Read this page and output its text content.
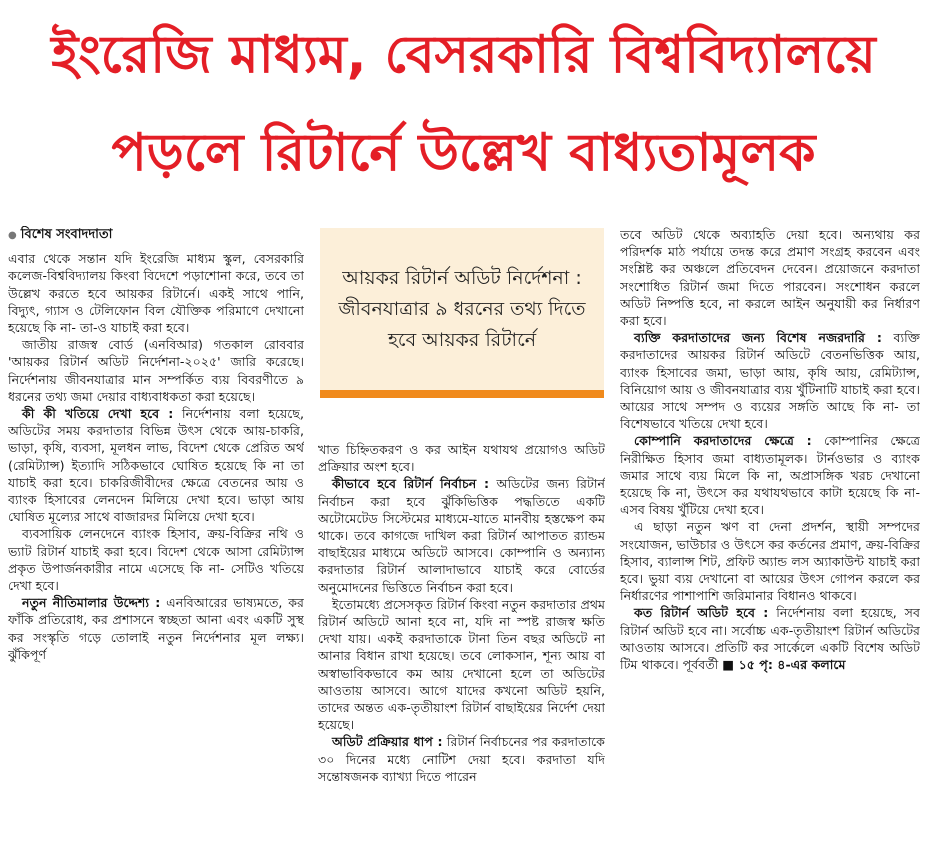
ইংরেজি মাধ্যম, বেসরকারি বিশ্ববিদ্যালয়ে পড়লে রিটার্নে উল্লেখ বাধ্যতামূলক
● বিশেষ সংবাদদাতা

এবার থেকে সন্তান যদি ইংরেজি মাধ্যম স্কুল, বেসরকারি কলেজ-বিশ্ববিদ্যালয় কিংবা বিদেশে পড়াশোনা করে, তবে তা উল্লেখ করতে হবে আয়কর রিটার্নে। একই সাথে পানি, বিদ্যুৎ, গ্যাস ও টেলিফোন বিল যৌক্তিক পরিমাণে দেখানো হয়েছে কি না- তা-ও যাচাই করা হবে।

জাতীয় রাজস্ব বোর্ড (এনবিআর) গতকাল রোববার 'আয়কর রিটার্ন অডিট নির্দেশনা-২০২৫' জারি করেছে। নির্দেশনায় জীবনযাত্রার মান সম্পর্কিত ব্যয় বিবরণীতে ৯ ধরনের তথ্য জমা দেয়ার বাধ্যবাধকতা করা হয়েছে।

কী কী খতিয়ে দেখা হবে : নির্দেশনায় বলা হয়েছে, অডিটের সময় করদাতার বিভিন্ন উৎস থেকে আয়-চাকরি, ভাড়া, কৃষি, ব্যবসা, মূলধন লাভ, বিদেশ থেকে প্রেরিত অর্থ (রেমিট্যান্স) ইত্যাদি সঠিকভাবে ঘোষিত হয়েছে কি না তা যাচাই করা হবে। চাকরিজীবীদের ক্ষেত্রে বেতনের আয় ও ব্যাংক হিসাবের লেনদেন মিলিয়ে দেখা হবে। ভাড়া আয় ঘোষিত মূল্যের সাথে বাজারদর মিলিয়ে দেখা হবে।

ব্যবসায়িক লেনদেনে ব্যাংক হিসাব, ক্রয়-বিক্রির নথি ও ভ্যাট রিটার্ন যাচাই করা হবে। বিদেশ থেকে আসা রেমিট্যান্স প্রকৃত উপার্জনকারীর নামে এসেছে কি না- সেটিও খতিয়ে দেখা হবে।

নতুন নীতিমালার উদ্দেশ্য : এনবিআরের ভাষ্যমতে, কর ফাঁকি প্রতিরোধ, কর প্রশাসনে স্বচ্ছতা আনা এবং একটি সুস্থ কর সংস্কৃতি গড়ে তোলাই নতুন নির্দেশনার মূল লক্ষ্য। ঝুঁকিপূর্ণ

আয়কর রিটার্ন অডিট নির্দেশনা : জীবনযাত্রার ৯ ধরনের তথ্য দিতে হবে আয়কর রিটার্নে

খাত চিহ্নিতকরণ ও কর আইন যথাযথ প্রয়োগও অডিট প্রক্রিয়ার অংশ হবে।

কীভাবে হবে রিটার্ন নির্বাচন : অডিটের জন্য রিটার্ন নির্বাচন করা হবে ঝুঁকিভিত্তিক পদ্ধতিতে একটি অটোমেটেড সিস্টেমের মাধ্যমে-যাতে মানবীয় হস্তক্ষেপ কম থাকে। তবে কাগজে দাখিল করা রিটার্ন আপাতত র‍্যান্ডম বাছাইয়ের মাধ্যমে অডিটে আসবে। কোম্পানি ও অন্যান্য করদাতার রিটার্ন আলাদাভাবে যাচাই করে বোর্ডের অনুমোদনের ভিত্তিতে নির্বাচন করা হবে।

ইতোমধ্যে প্রসেসকৃত রিটার্ন কিংবা নতুন করদাতার প্রথম রিটার্ন অডিটে আনা হবে না, যদি না স্পষ্ট রাজস্ব ক্ষতি দেখা যায়। একই করদাতাকে টানা তিন বছর অডিটে না আনার বিধান রাখা হয়েছে। তবে লোকসান, শূন্য আয় বা অস্বাভাবিকভাবে কম আয় দেখানো হলে তা অডিটের আওতায় আসবে। আগে যাদের কখনো অডিট হয়নি, তাদের অন্তত এক-তৃতীয়াংশ রিটার্ন বাছাইয়ের নির্দেশ দেয়া হয়েছে।

অডিট প্রক্রিয়ার ধাপ : রিটার্ন নির্বাচনের পর করদাতাকে ৩০ দিনের মধ্যে নোটিশ দেয়া হবে। করদাতা যদি সন্তোষজনক ব্যাখ্যা দিতে পারেন

তবে অডিট থেকে অব্যাহতি দেয়া হবে। অন্যথায় কর পরিদর্শক মাঠ পর্যায়ে তদন্ত করে প্রমাণ সংগ্রহ করবেন এবং সংশ্লিষ্ট কর অঞ্চলে প্রতিবেদন দেবেন। প্রয়োজনে করদাতা সংশোধিত রিটার্ন জমা দিতে পারবেন। সংশোধন করলে অডিট নিষ্পত্তি হবে, না করলে আইন অনুযায়ী কর নির্ধারণ করা হবে।

ব্যক্তি করদাতাদের জন্য বিশেষ নজরদারি : ব্যক্তি করদাতাদের আয়কর রিটার্ন অডিটে বেতনভিত্তিক আয়, ব্যাংক হিসাবের জমা, ভাড়া আয়, কৃষি আয়, রেমিট্যান্স, বিনিয়োগ আয় ও জীবনযাত্রার ব্যয় খুঁটিনাটি যাচাই করা হবে। আয়ের সাথে সম্পদ ও ব্যয়ের সঙ্গতি আছে কি না- তা বিশেষভাবে খতিয়ে দেখা হবে।

কোম্পানি করদাতাদের ক্ষেত্রে : কোম্পানির ক্ষেত্রে নিরীক্ষিত হিসাব জমা বাধ্যতামূলক। টার্নওভার ও ব্যাংক জমার সাথে ব্যয় মিলে কি না, অপ্রাসঙ্গিক খরচ দেখানো হয়েছে কি না, উৎসে কর যথাযথভাবে কাটা হয়েছে কি না- এসব বিষয় খুঁটিয়ে দেখা হবে।

এ ছাড়া নতুন ঋণ বা দেনা প্রদর্শন, স্থায়ী সম্পদের সংযোজন, ভাউচার ও উৎসে কর কর্তনের প্রমাণ, ক্রয়-বিক্রির হিসাব, ব্যালান্স শিট, প্রফিট অ্যান্ড লস অ্যাকাউন্ট যাচাই করা হবে। ভুয়া ব্যয় দেখানো বা আয়ের উৎস গোপন করলে কর নির্ধারণের পাশাপাশি জরিমানার বিধানও থাকবে।

কত রিটার্ন অডিট হবে : নির্দেশনায় বলা হয়েছে, সব রিটার্ন অডিট হবে না। সর্বোচ্চ এক-তৃতীয়াংশ রিটার্ন অডিটের আওতায় আসবে। প্রতিটি কর সার্কেলে একটি বিশেষ অডিট টিম থাকবে। পূর্ববর্তী ■ ১৫ পৃ: ৪-এর কলামে
